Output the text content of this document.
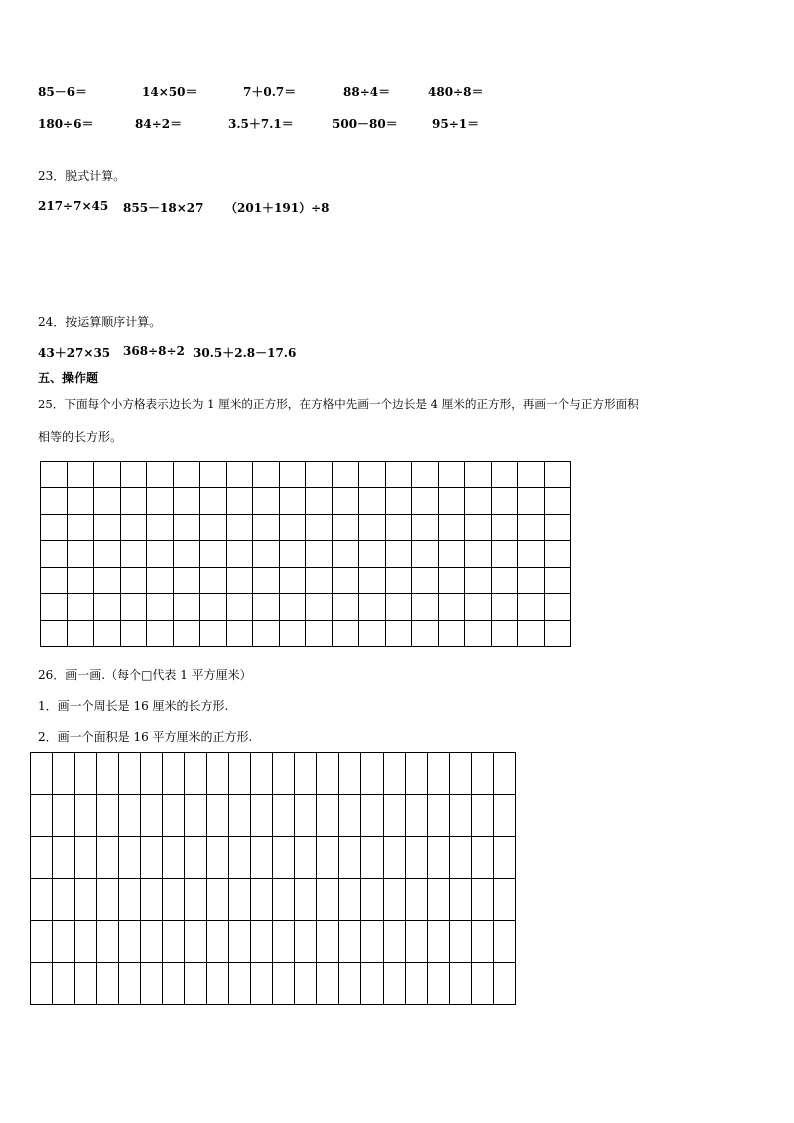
85－6＝	14×50＝	7＋0.7＝	88÷4＝	480÷8＝
180÷6＝	84÷2＝	3.5＋7.1＝	500－80＝	95÷1＝
23．脱式计算。
217÷7×45 855－18×27 （201＋191）÷8
24．按运算顺序计算。
43＋27×35 368÷8÷2 30.5＋2.8－17.6
五、操作题
25．下面每个小方格表示边长为 1 厘米的正方形，在方格中先画一个边长是 4 厘米的正方形，再画一个与正方形面积
相等的长方形。

26．画一画.（每个□代表 1 平方厘米）
1．画一个周长是 16 厘米的长方形.
2．画一个面积是 16 平方厘米的正方形.
